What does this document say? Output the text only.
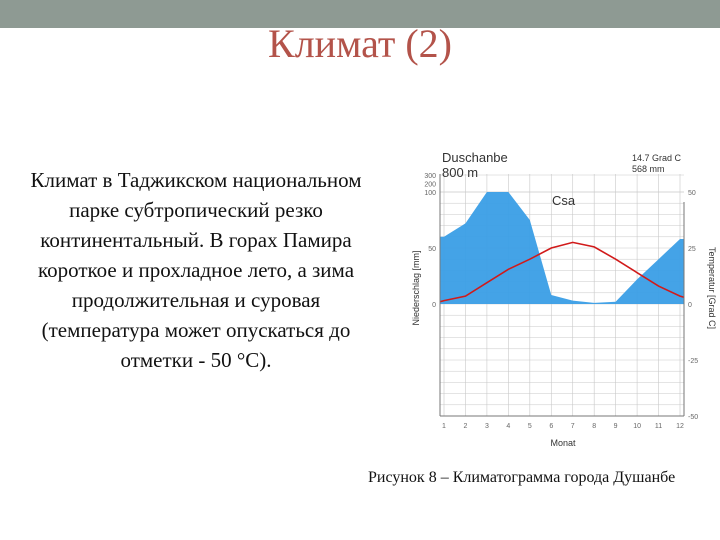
Климат (2)
Климат в Таджикском национальном парке субтропический резко континентальный. В горах Памира короткое и прохладное лето, а зима продолжительная и суровая (температура может опускаться до отметки - 50 °С).
Duschanbe
800 m
14.7 Grad C
568 mm
Csa
Monat
Niederschlag [mm]	Temperatur [Grad C]
300
200
100
50
0
50
25
0
-25
-50
1	2	3	4	5	6	7	8	9 10 11 12
Рисунок 8 – Климатограмма города Душанбе
